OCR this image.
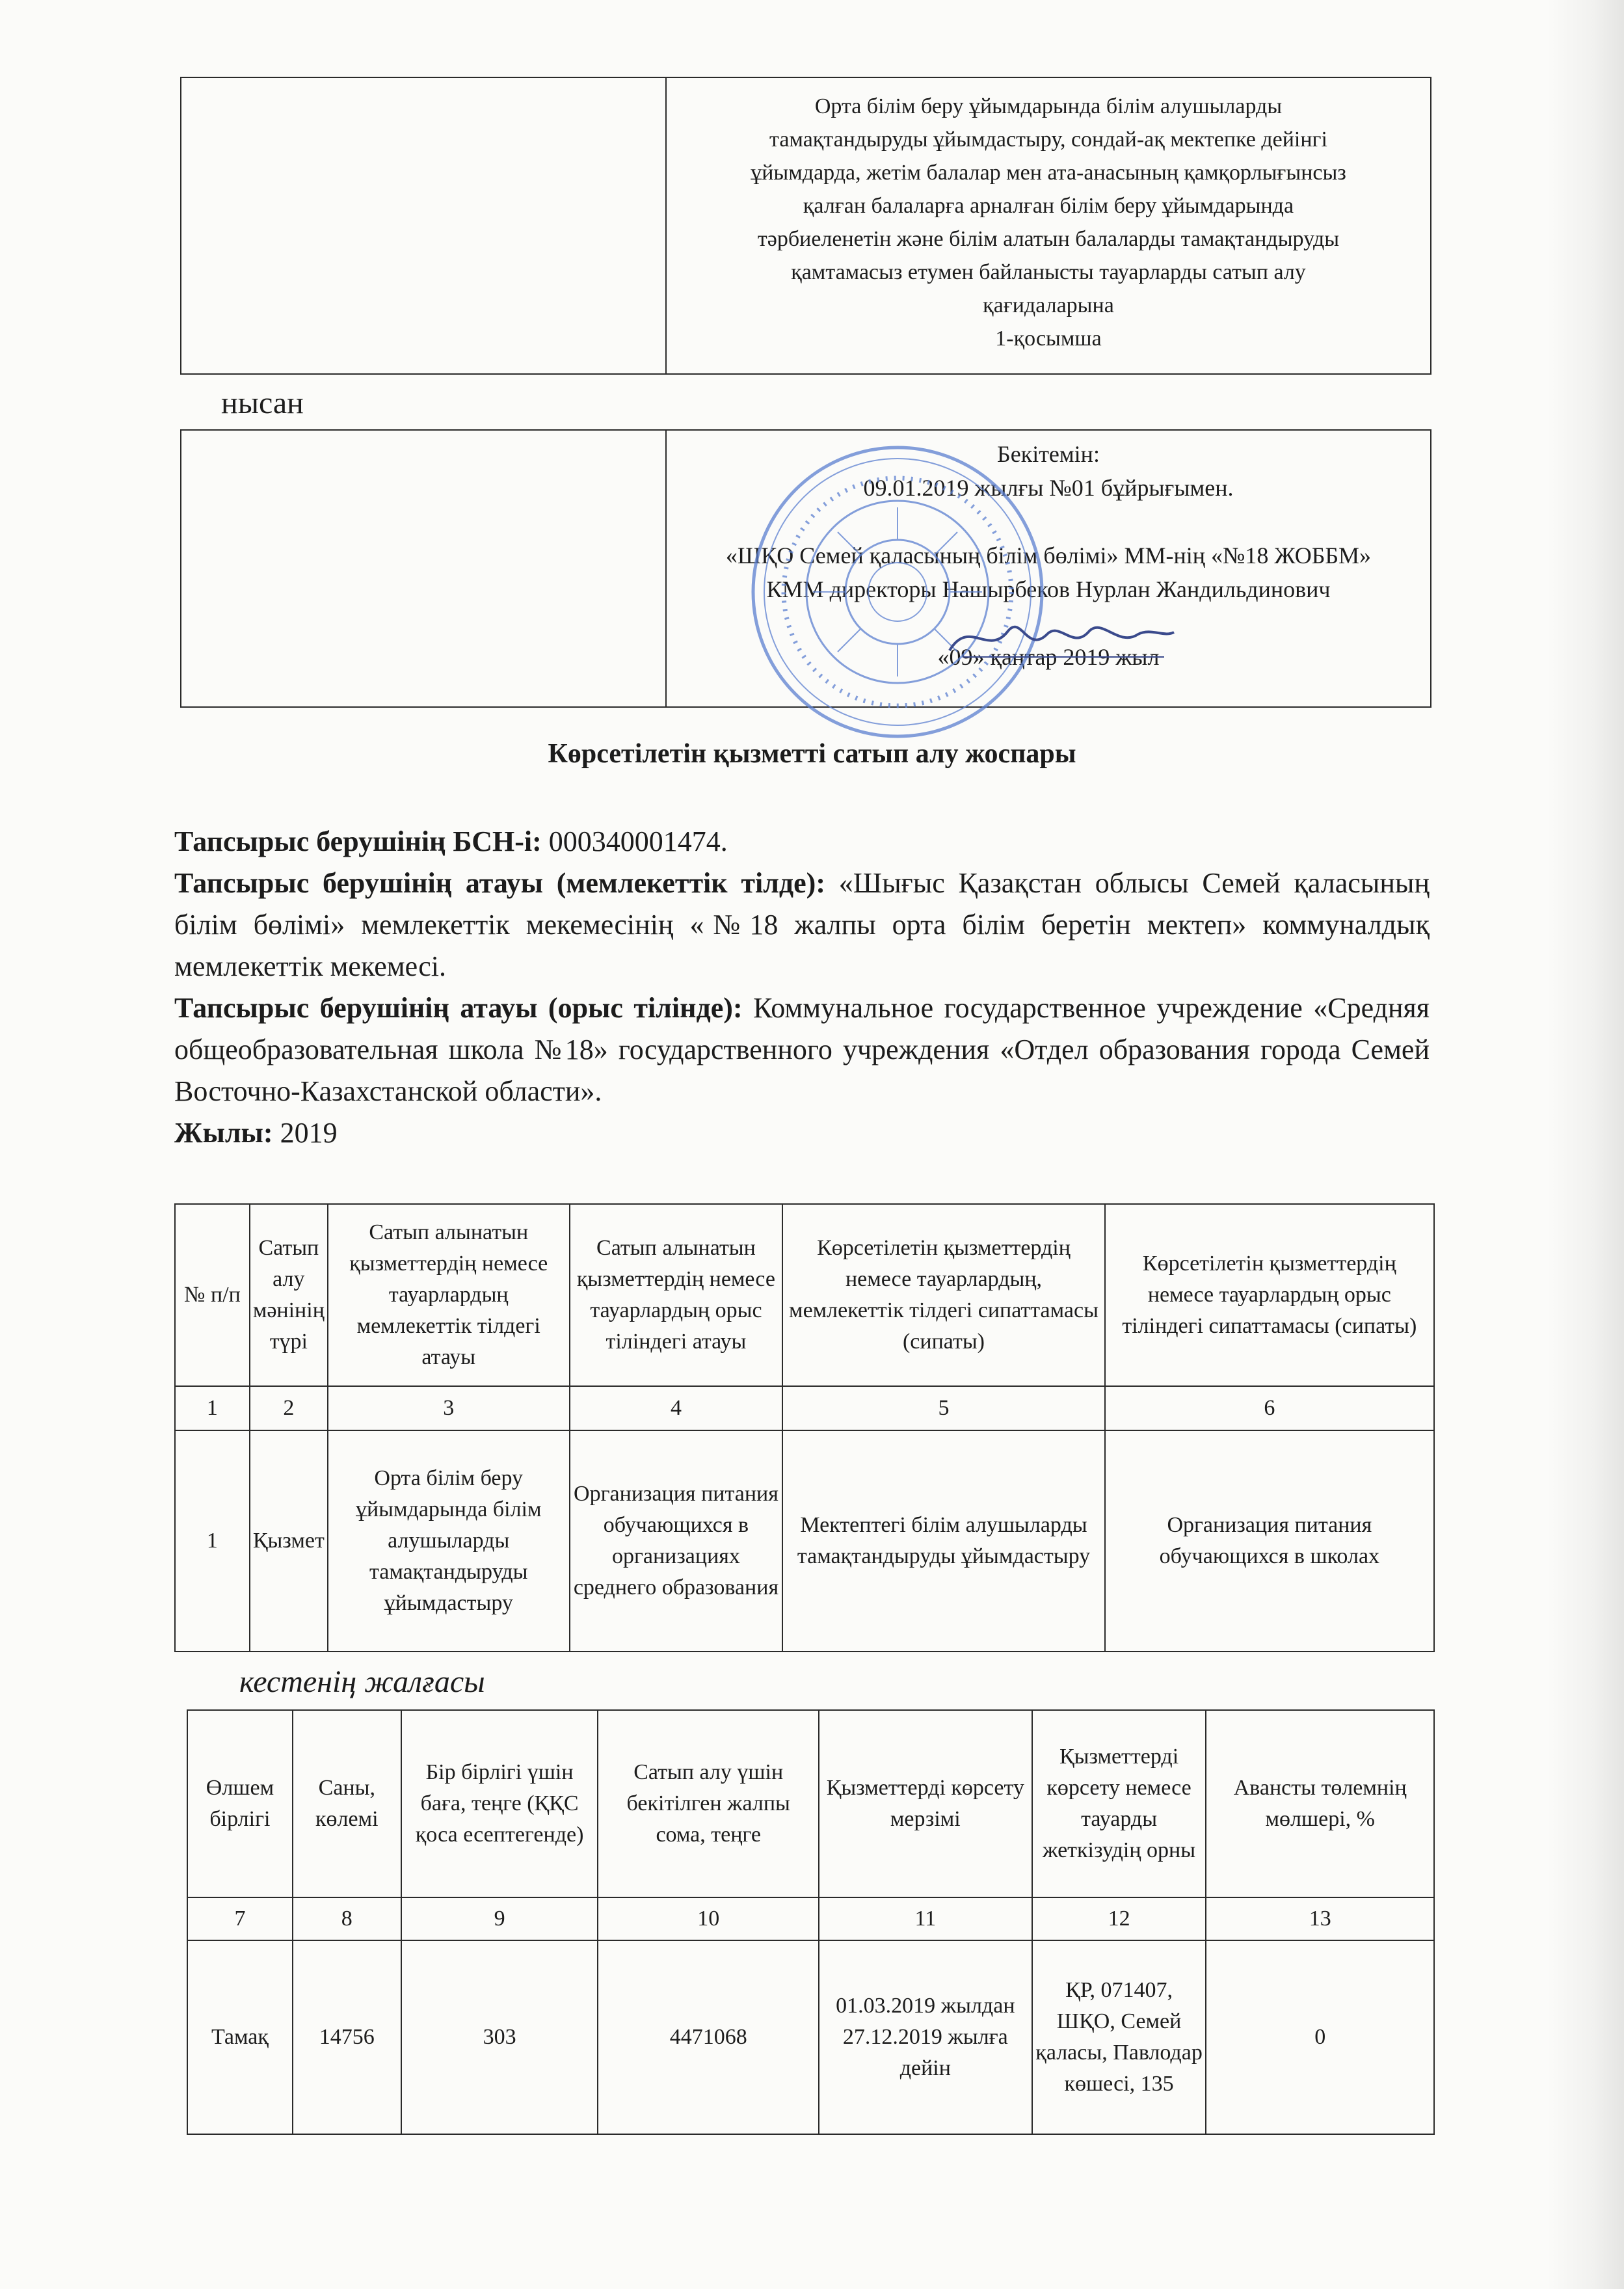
Орта білім беру ұйымдарында білім алушыларды
тамақтандыруды ұйымдастыру, сондай-ақ мектепке дейінгі
ұйымдарда, жетім балалар мен ата-анасының қамқорлығынсыз
қалған балаларға арналған білім беру ұйымдарында
тәрбиеленетін және білім алатын балаларды тамақтандыруды
қамтамасыз етумен байланысты тауарларды сатып алу
қағидаларына
1-қосымша
нысан

Бекітемін:
09.01.2019 жылғы №01 бұйрығымен.
«ШҚО Семей қаласының білім бөлімі» ММ-нің «№18 ЖОББМ»
КММ директоры Нашырбеков Нурлан Жандильдинович
«09» қаңтар 2019 жыл
Көрсетілетін қызметті сатып алу жоспары

Тапсырыс берушінің БСН-і: 000340001474.

Тапсырыс берушінің атауы (мемлекеттік тілде): «Шығыс Қазақстан облысы Семей қаласының білім бөлімі» мемлекеттік мекемесінің «№18 жалпы орта білім беретін мектеп» коммуналдық мемлекеттік мекемесі.

Тапсырыс берушінің атауы (орыс тілінде): Коммунальное государственное учреждение «Средняя общеобразовательная школа №18» государственного учреждения «Отдел образования города Семей Восточно-Казахстанской области».

Жылы: 2019

№ п/п	Сатып алу мәнінің түрі	Сатып алынатын қызметтердің немесе тауарлардың мемлекеттік тілдегі атауы	Сатып алынатын қызметтердің немесе тауарлардың орыс тіліндегі атауы	Көрсетілетін қызметтердің немесе тауарлардың, мемлекеттік тілдегі сипаттамасы (сипаты)	Көрсетілетін қызметтердің немесе тауарлардың орыс тіліндегі сипаттамасы (сипаты)
1	2	3	4	5	6
1	Қызмет	Орта білім беру ұйымдарында білім алушыларды тамақтандыруды ұйымдастыру	Организация питания обучающихся в организациях среднего образования	Мектептегі білім алушыларды тамақтандыруды ұйымдастыру	Организация питания обучающихся в школах
кестенің жалғасы
Өлшем бірлігі	Саны, көлемі	Бір бірлігі үшін баға, теңге (ҚҚС қоса есептегенде)	Сатып алу үшін бекітілген жалпы сома, теңге	Қызметтерді көрсету мерзімі	Қызметтерді көрсету немесе тауарды жеткізудің орны	Авансты төлемнің мөлшері, %
7	8	9	10	11	12	13
Тамақ	14756	303	4471068	01.03.2019 жылдан 27.12.2019 жылға дейін	ҚР, 071407, ШҚО, Семей қаласы, Павлодар көшесі, 135	0
